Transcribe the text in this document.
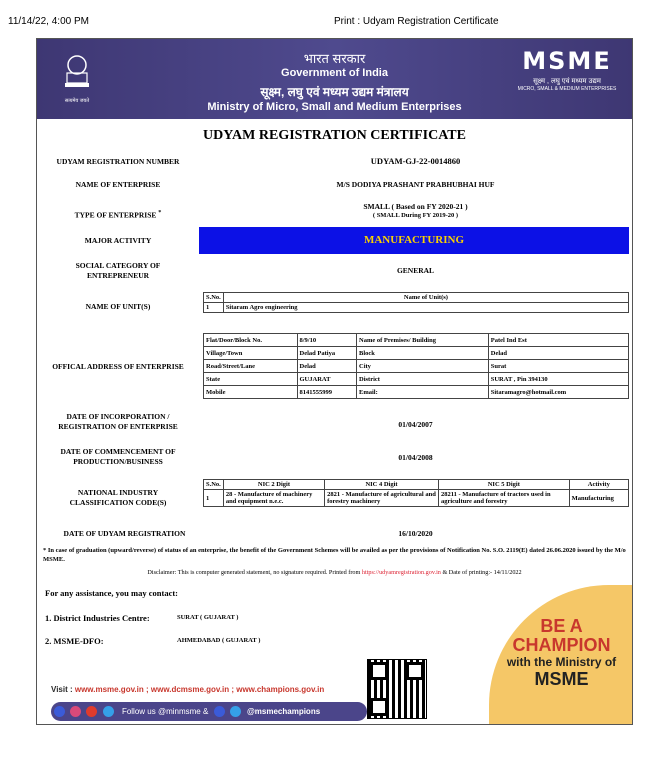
11/14/22, 4:00 PM	Print : Udyam Registration Certificate
सत्यमेव जयते
भारत सरकार
Government of India
सूक्ष्म, लघु एवं मध्यम उद्यम मंत्रालय
Ministry of Micro, Small and Medium Enterprises
MSME
सूक्ष्म , लघु एवं मध्यम उद्यम
MICRO, SMALL & MEDIUM ENTERPRISES
UDYAM REGISTRATION CERTIFICATE
UDYAM REGISTRATION NUMBER	UDYAM-GJ-22-0014860
NAME OF ENTERPRISE	M/S DODIYA PRASHANT PRABHUBHAI HUF
TYPE OF ENTERPRISE *
SMALL ( Based on FY 2020-21 )
( SMALL During FY 2019-20 )
MAJOR ACTIVITY	MANUFACTURING
SOCIAL CATEGORY OF ENTREPRENEUR
GENERAL
NAME OF UNIT(S)
S.No.	Name of Unit(s)
1	Sitaram Agro engineering
OFFICAL ADDRESS OF ENTERPRISE
Flat/Door/Block No.	8/9/10	Name of Premises/ Building	Patel Ind Est
Village/Town	Delad Patiya	Block	Delad
Road/Street/Lane	Delad	City	Surat
State	GUJARAT	District	SURAT , Pin 394130
Mobile	8141555999	Email:	Sitaramagro@hotmail.com
DATE OF INCORPORATION / REGISTRATION OF ENTERPRISE	01/04/2007
DATE OF COMMENCEMENT OF PRODUCTION/BUSINESS	01/04/2008
NATIONAL INDUSTRY CLASSIFICATION CODE(S)
S.No.	NIC 2 Digit	NIC 4 Digit	NIC 5 Digit	Activity
1	28 - Manufacture of machinery and equipment n.e.c.	2821 - Manufacture of agricultural and forestry machinery	28211 - Manufacture of tractors used in agriculture and forestry	Manufacturing
DATE OF UDYAM REGISTRATION	16/10/2020
* In case of graduation (upward/reverse) of status of an enterprise, the benefit of the Government Schemes will be availed as per the provisions of Notification No. S.O. 2119(E) dated 26.06.2020 issued by the M/o MSME.
Disclaimer: This is computer generated statement, no signature required. Printed from https://udyamregistration.gov.in & Date of printing:- 14/11/2022
For any assistance, you may contact:
1. District Industries Centre:	SURAT ( GUJARAT )
2. MSME-DFO:	AHMEDABAD ( GUJARAT )
BE A
CHAMPION
with the Ministry of
MSME
Visit : www.msme.gov.in ; www.dcmsme.gov.in ; www.champions.gov.in
Follow us @minmsme &	@msmechampions
